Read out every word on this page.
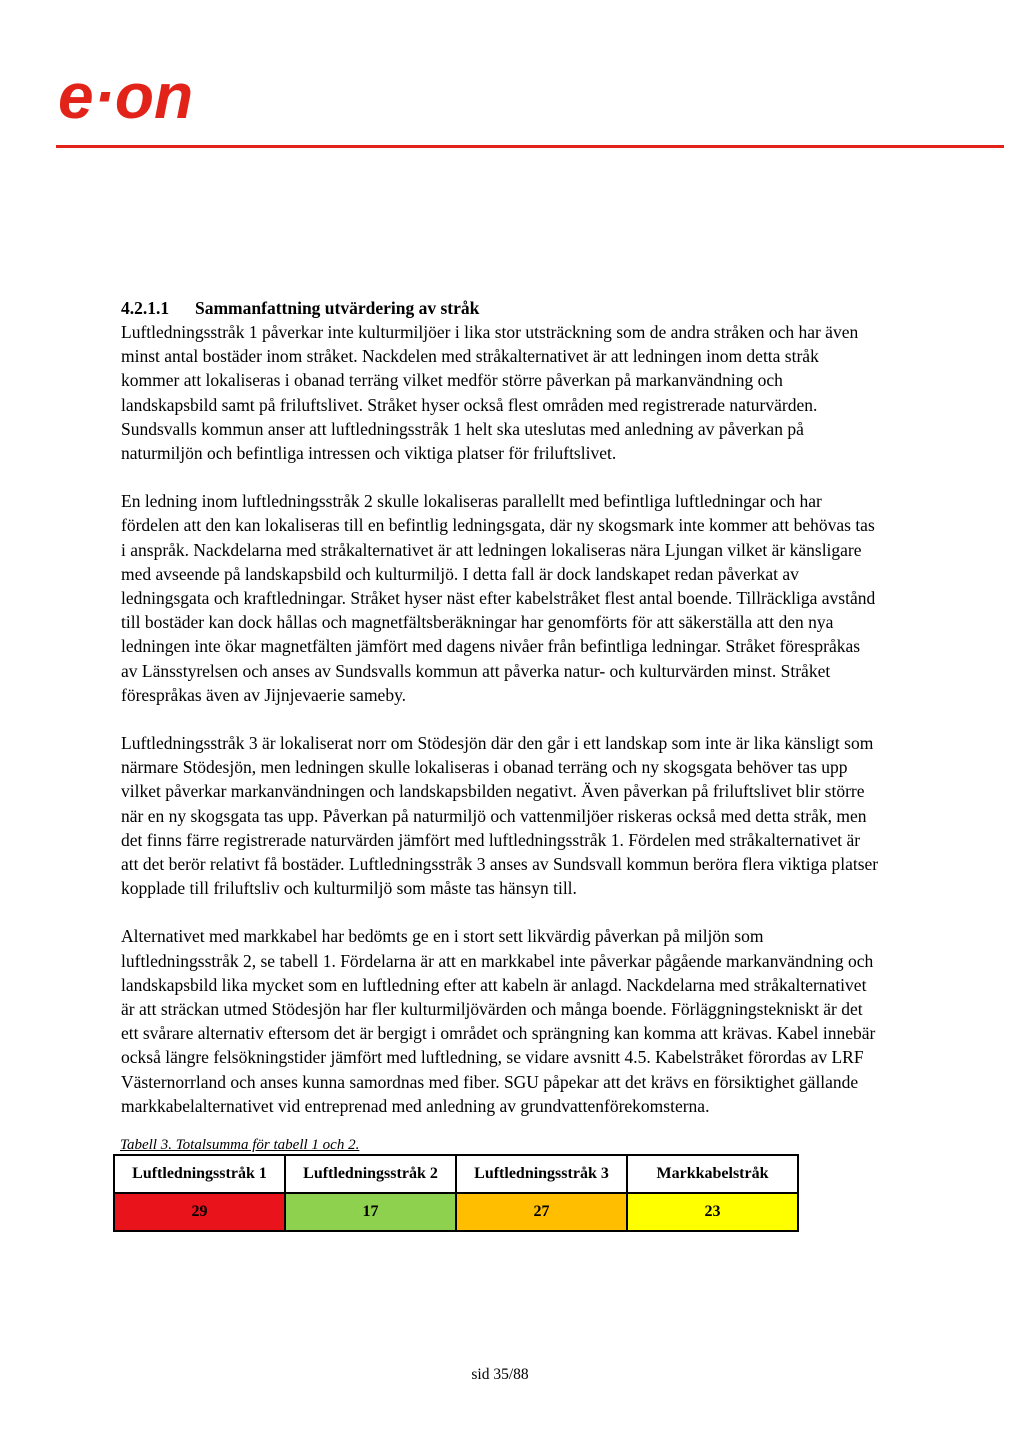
e·on

4.2.1.1 Sammanfattning utvärdering av stråk

Luftledningsstråk 1 påverkar inte kulturmiljöer i lika stor utsträckning som de andra stråken och har även minst antal bostäder inom stråket. Nackdelen med stråkalternativet är att ledningen inom detta stråk kommer att lokaliseras i obanad terräng vilket medför större påverkan på markanvändning och landskapsbild samt på friluftslivet. Stråket hyser också flest områden med registrerade naturvärden. Sundsvalls kommun anser att luftledningsstråk 1 helt ska uteslutas med anledning av påverkan på naturmiljön och befintliga intressen och viktiga platser för friluftslivet.

En ledning inom luftledningsstråk 2 skulle lokaliseras parallellt med befintliga luftledningar och har fördelen att den kan lokaliseras till en befintlig ledningsgata, där ny skogsmark inte kommer att behövas tas i anspråk. Nackdelarna med stråkalternativet är att ledningen lokaliseras nära Ljungan vilket är känsligare med avseende på landskapsbild och kulturmiljö. I detta fall är dock landskapet redan påverkat av ledningsgata och kraftledningar. Stråket hyser näst efter kabelstråket flest antal boende. Tillräckliga avstånd till bostäder kan dock hållas och magnetfältsberäkningar har genomförts för att säkerställa att den nya ledningen inte ökar magnetfälten jämfört med dagens nivåer från befintliga ledningar. Stråket förespråkas av Länsstyrelsen och anses av Sundsvalls kommun att påverka natur- och kulturvärden minst. Stråket förespråkas även av Jijnjevaerie sameby.

Luftledningsstråk 3 är lokaliserat norr om Stödesjön där den går i ett landskap som inte är lika känsligt som närmare Stödesjön, men ledningen skulle lokaliseras i obanad terräng och ny skogsgata behöver tas upp vilket påverkar markanvändningen och landskapsbilden negativt. Även påverkan på friluftslivet blir större när en ny skogsgata tas upp. Påverkan på naturmiljö och vattenmiljöer riskeras också med detta stråk, men det finns färre registrerade naturvärden jämfört med luftledningsstråk 1. Fördelen med stråkalternativet är att det berör relativt få bostäder. Luftledningsstråk 3 anses av Sundsvall kommun beröra flera viktiga platser kopplade till friluftsliv och kulturmiljö som måste tas hänsyn till.

Alternativet med markkabel har bedömts ge en i stort sett likvärdig påverkan på miljön som luftledningsstråk 2, se tabell 1. Fördelarna är att en markkabel inte påverkar pågående markanvändning och landskapsbild lika mycket som en luftledning efter att kabeln är anlagd. Nackdelarna med stråkalternativet är att sträckan utmed Stödesjön har fler kulturmiljövärden och många boende. Förläggningstekniskt är det ett svårare alternativ eftersom det är bergigt i området och sprängning kan komma att krävas. Kabel innebär också längre felsökningstider jämfört med luftledning, se vidare avsnitt 4.5. Kabelstråket förordas av LRF Västernorrland och anses kunna samordnas med fiber. SGU påpekar att det krävs en försiktighet gällande markkabelalternativet vid entreprenad med anledning av grundvattenförekomsterna.

Tabell 3. Totalsumma för tabell 1 och 2.
Luftledningsstråk 1	Luftledningsstråk 2	Luftledningsstråk 3	Markkabelstråk
29	17	27	23
sid 35/88
